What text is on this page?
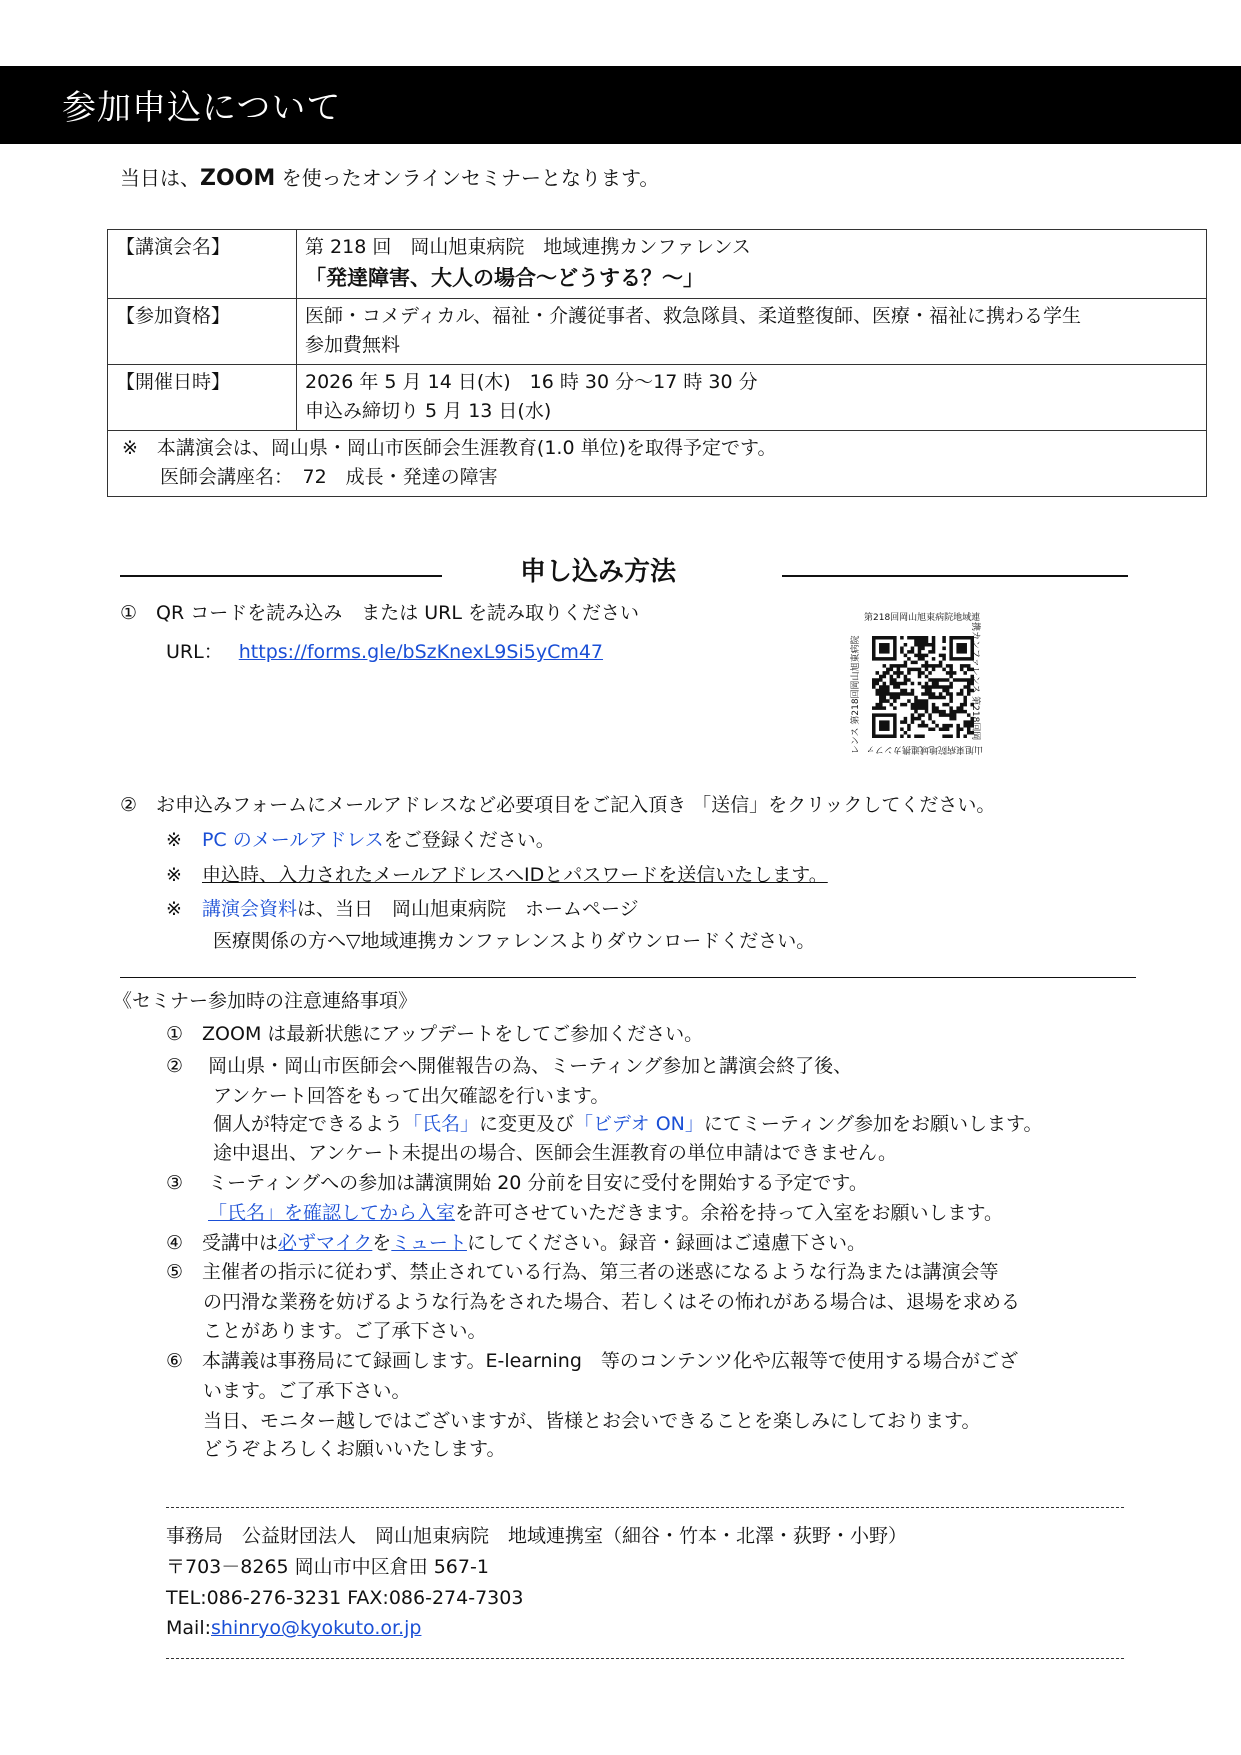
参加申込について
当日は、ZOOM を使ったオンラインセミナーとなります。
【講演会名】	第 218 回　岡山旭東病院　地域連携カンファレンス
「発達障害、大人の場合～どうする？～」

【参加資格】	医師・コメディカル、福祉・介護従事者、救急隊員、柔道整復師、医療・福祉に携わる学生
参加費無料

【開催日時】	2026 年 5 月 14 日(木)　16 時 30 分～17 時 30 分
申込み締切り 5 月 13 日(水)

※　本講演会は、岡山県・岡山市医師会生涯教育(1.0 単位)を取得予定です。
　　医師会講座名：　72　成長・発達の障害	
申し込み方法
①　QR コードを読み込み　または URL を読み取りください
URL： https://forms.gle/bSzKnexL9Si5yCm47
第218回岡山旭東病院地域連
携カンファレンス 第218回岡
山旭東病院地域連携カンファ
レンス 第218回岡山旭東病院
②　お申込みフォームにメールアドレスなど必要項目をご記入頂き 「送信」をクリックしてください。
※ PC のメールアドレスをご登録ください。
※ 申込時、入力されたメールアドレスへIDとパスワードを送信いたします。
※ 講演会資料は、当日　岡山旭東病院　ホームページ
医療関係の方へ▽地域連携カンファレンスよりダウンロードください。
《セミナー参加時の注意連絡事項》
①　ZOOM は最新状態にアップデートをしてご参加ください。
②　 岡山県・岡山市医師会へ開催報告の為、ミーティング参加と講演会終了後、
アンケート回答をもって出欠確認を行います。
個人が特定できるよう「氏名」に変更及び「ビデオ ON」にてミーティング参加をお願いします。
途中退出、アンケート未提出の場合、医師会生涯教育の単位申請はできません。
③　 ミーティングへの参加は講演開始 20 分前を目安に受付を開始する予定です。
「氏名」を確認してから入室を許可させていただきます。余裕を持って入室をお願いします。
④　受講中は必ずマイクをミュートにしてください。録音・録画はご遠慮下さい。
⑤　主催者の指示に従わず、禁止されている行為、第三者の迷惑になるような行為または講演会等
の円滑な業務を妨げるような行為をされた場合、若しくはその怖れがある場合は、退場を求める
ことがあります。ご了承下さい。
⑥　本講義は事務局にて録画します。E-learning　等のコンテンツ化や広報等で使用する場合がござ
います。ご了承下さい。
当日、モニター越しではございますが、皆様とお会いできることを楽しみにしております。
どうぞよろしくお願いいたします。
事務局　公益財団法人　岡山旭東病院　地域連携室（細谷・竹本・北澤・荻野・小野）
〒703－8265 岡山市中区倉田 567-1
TEL:086-276-3231 FAX:086-274-7303
Mail:shinryo@kyokuto.or.jp
